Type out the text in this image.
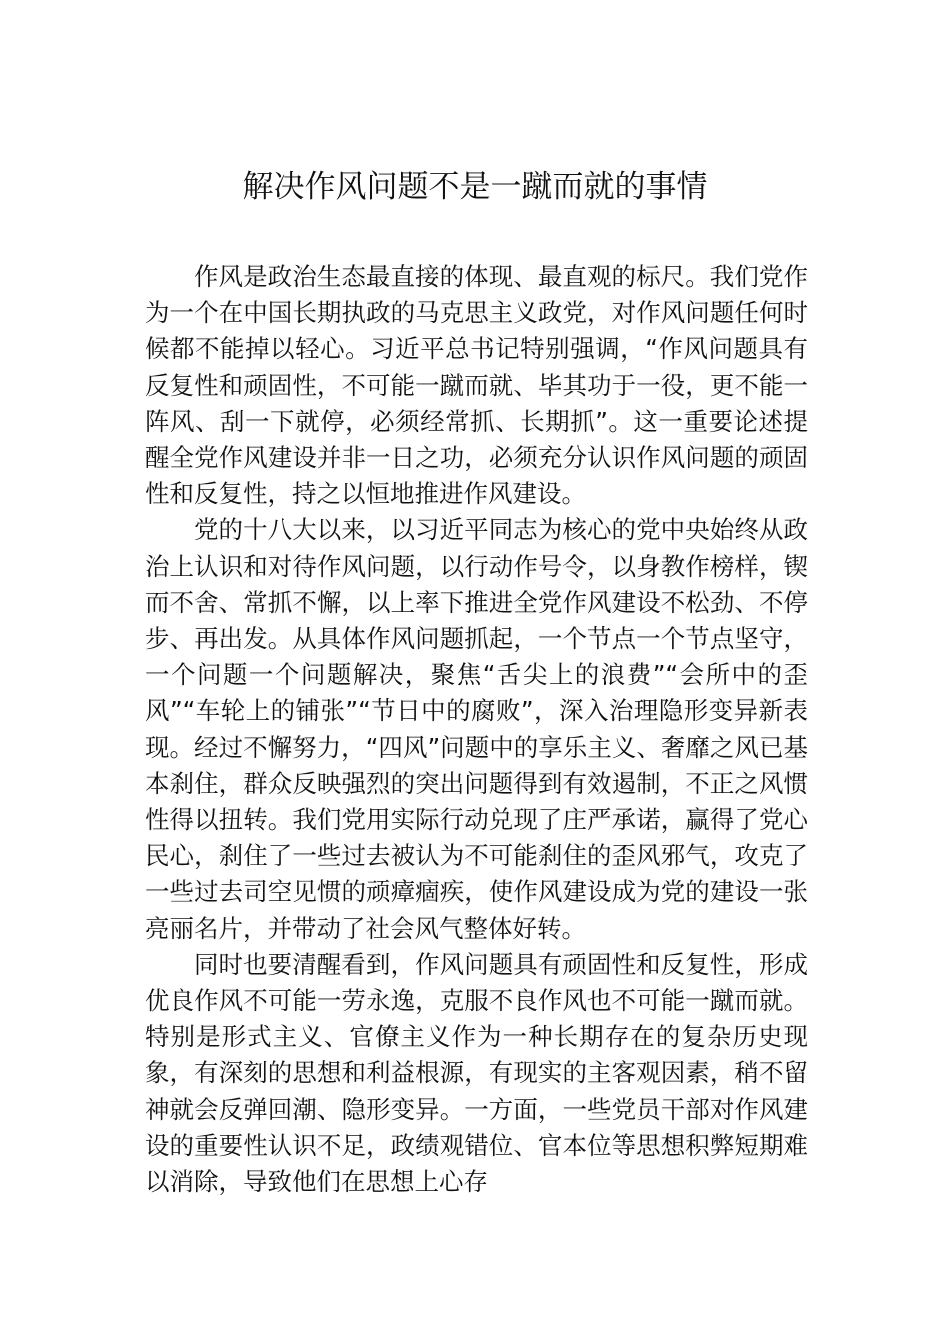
解决作风问题不是一蹴而就的事情

作风是政治生态最直接的体现、最直观的标尺。我们党作为一个在中国长期执政的马克思主义政党，对作风问题任何时候都不能掉以轻心。习近平总书记特别强调，“作风问题具有反复性和顽固性，不可能一蹴而就、毕其功于一役，更不能一阵风、刮一下就停，必须经常抓、长期抓”。这一重要论述提醒全党作风建设并非一日之功，必须充分认识作风问题的顽固性和反复性，持之以恒地推进作风建设。

党的十八大以来，以习近平同志为核心的党中央始终从政治上认识和对待作风问题，以行动作号令，以身教作榜样，锲而不舍、常抓不懈，以上率下推进全党作风建设不松劲、不停步、再出发。从具体作风问题抓起，一个节点一个节点坚守，一个问题一个问题解决，聚焦“舌尖上的浪费”“会所中的歪风”“车轮上的铺张”“节日中的腐败”，深入治理隐形变异新表现。经过不懈努力，“四风”问题中的享乐主义、奢靡之风已基本刹住，群众反映强烈的突出问题得到有效遏制，不正之风惯性得以扭转。我们党用实际行动兑现了庄严承诺，赢得了党心民心，刹住了一些过去被认为不可能刹住的歪风邪气，攻克了一些过去司空见惯的顽瘴痼疾，使作风建设成为党的建设一张亮丽名片，并带动了社会风气整体好转。

同时也要清醒看到，作风问题具有顽固性和反复性，形成优良作风不可能一劳永逸，克服不良作风也不可能一蹴而就。特别是形式主义、官僚主义作为一种长期存在的复杂历史现象，有深刻的思想和利益根源，有现实的主客观因素，稍不留神就会反弹回潮、隐形变异。一方面，一些党员干部对作风建设的重要性认识不足，政绩观错位、官本位等思想积弊短期难以消除，导致他们在思想上心存
